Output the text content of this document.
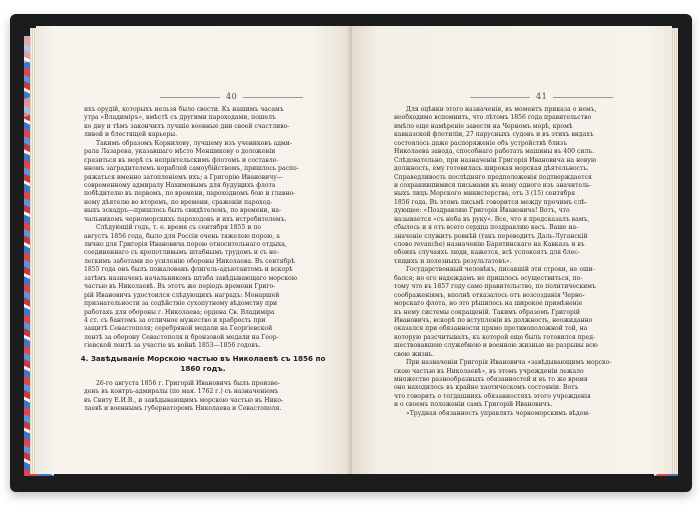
40
ихъ орудій, которыхъ нельзя было свести. Къ нашимъ часамъ
утра «Владиміръ», вмѣстѣ съ другими пароходами, пошелъ
ко дну и тѣмъ закончилъ лучшіе военные дни своей счастливо-
ливой и блестящей карьеры.
Такимъ образомъ Корнилову, лучшему изъ учениковъ адми-
рала Лазарева, указавшаго мѣсто Меншикову о доложеніи
сразиться въ морѣ съ непріятельскимъ флотомъ и составле-
нномъ заградителемъ кораблей самоубійствомъ, пришлось распо-
ряжаться именно затопленіемъ ихъ; а Григорію Ивановичу—
современному адмиралу Нахимовымъ для будущихъ флота
побѣдителю въ первомъ, по времени, пароходномъ бою и главно-
ному дѣятелю во второмъ, по времени, сраженіи пароход-
ныхъ эскадръ—пришлось быть свидѣтелемъ, по времени, на-
чальникомъ черноморскихъ пароходовъ и ихъ истребителемъ.
Слѣдующій годъ, т. е. время съ сентября 1855 и по
августъ 1856 года, было для Россіи очень тяжелою порою, а
лично для Григорія Ивановича порою относительнаго отдыха,
соединеннаго съ кропотливымъ штабнымъ трудомъ и съ не-
легкимъ заботами по усиленію обороны Николаева. Въ сентябрѣ
1855 года онъ былъ пожалованъ флигель-адъютантомъ и вскорѣ
затѣмъ назначенъ начальникомъ штаба завѣдывающаго морскою
частью въ Николаевѣ. Въ этотъ же періодъ времени Григо-
рій Ивановичъ удостоился слѣдующихъ наградъ: Монаршей
признательности за содѣйствіе сухопутному вѣдомству при
работахъ для обороны г. Николаева; ордена Св. Владиміра
4 ст. съ бантомъ за отличное мужество и храбрость при
защитѣ Севастополя; серебряной медали на Георгіевской
лентѣ за оборону Севастополя и бронзовой медали на Геор-
гіевской лентѣ за участіе въ войнѣ 1853—1856 годовъ.
4. Завѣдываніе Морскою частью въ Николаевѣ съ 1856 по
1860 годъ.
26-го августа 1856 г. Григорій Ивановичъ былъ произве-
денъ въ контръ-адмиралы (по мая. 1762 г.) съ назначеніемъ
въ Свиту Е.И.В., и завѣдывающимъ морскою частью въ Нико-
лаевѣ и военнымъ губернаторомъ Николаева и Севастополя.
41
Для оцѣнки этого назначенія, въ моментъ приказа о немъ,
необходимо вспомнить, что лѣтомъ 1856 года правительство
имѣло еще намѣреніе завести на Черномъ морѣ, кромѣ
кавказской флотиліи, 27 парусныхъ судовъ и въ этихъ видахъ
состоялось даже распоряженіе объ устройствѣ близъ
Николаева завода, способнаго работать машины въ 400 силъ.
Слѣдовательно, при назначеніи Григорія Ивановича на новую
должность, ему готовилась широкая морская дѣятельность.
Справедливость послѣдняго предположенія подтверждается
и сохранившимися письмами къ нему одного изъ значитель-
ныхъ лицъ Морского министерства, отъ 3 (15) сентября
1856 года. Въ этомъ письмѣ говорится между прочимъ слѣ-
дующее: «Поздравляю Григорія Ивановича! Вотъ, что
называется «съ неба въ руку». Все, что я предсказалъ вамъ,
сбылось и я отъ всего сердца поздравляю васъ. Ваше на-
значеніе служитъ ровнѣй (такъ переводитъ Даль-Луганскій
слово revanche) назначенію Барятинскаго на Кавказъ и въ
обоихъ случаяхъ люди, кажется, всѣ успокоятъ для блес-
тящихъ и полезныхъ результатовъ».
Государственный человѣкъ, писавшій эти строки, не оши-
бался; но его надеждамъ не пришлось осуществиться, по-
тому что въ 1857 году само правительство, по политическимъ
соображеніямъ, вполнѣ отказалось отъ возсозданія Черно-
морскаго флота, но это рѣшилось на широкое примѣненіе
къ нему системы сокращеній. Такимъ образомъ Григорій
Ивановичъ, вскорѣ по вступленіи въ должность, неожиданно
оказался при обязанности прямо противоположной той, на
которую разсчитывалъ, къ которой еще былъ готовился пред-
шествовавшею служебною и военною жизнью на разрывы всю
свою жизнь.
При назначеніи Григорія Ивановича «завѣдывающимъ морско-
скою частью въ Николаевѣ», въ этомъ учрежденіи лежало
множество разнообразныхъ обязанностей и въ то же время
оно находилось въ крайне хаотическомъ состояніи. Вотъ
что говорить о тогдашнихъ обязанностяхъ этого учрежденія
и о своемъ положеніи самъ Григорій Ивановичъ.
«Трудная обязанность управлять черноморскимъ вѣдом-
